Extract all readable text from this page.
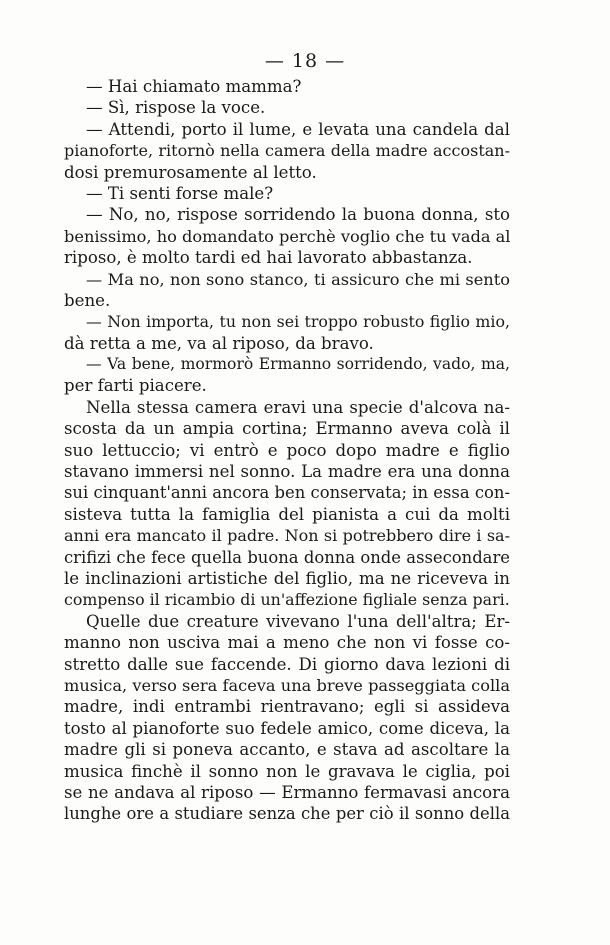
— 18 —
— Hai chiamato mamma?
— Sì, rispose la voce.
— Attendi, porto il lume, e levata una candela dal
pianoforte, ritornò nella camera della madre accostan-
dosi premurosamente al letto.
— Ti senti forse male?
— No, no, rispose sorridendo la buona donna, sto
benissimo, ho domandato perchè voglio che tu vada al
riposo, è molto tardi ed hai lavorato abbastanza.
— Ma no, non sono stanco, ti assicuro che mi sento
bene.
— Non importa, tu non sei troppo robusto figlio mio,
dà retta a me, va al riposo, da bravo.
— Va bene, mormorò Ermanno sorridendo, vado, ma,
per farti piacere.
Nella stessa camera eravi una specie d'alcova na-
scosta da un ampia cortina; Ermanno aveva colà il
suo lettuccio; vi entrò e poco dopo madre e figlio
stavano immersi nel sonno. La madre era una donna
sui cinquant'anni ancora ben conservata; in essa con-
sisteva tutta la famiglia del pianista a cui da molti
anni era mancato il padre. Non si potrebbero dire i sa-
crifizi che fece quella buona donna onde assecondare
le inclinazioni artistiche del figlio, ma ne riceveva in
compenso il ricambio di un'affezione figliale senza pari.
Quelle due creature vivevano l'una dell'altra; Er-
manno non usciva mai a meno che non vi fosse co-
stretto dalle sue faccende. Di giorno dava lezioni di
musica, verso sera faceva una breve passeggiata colla
madre, indi entrambi rientravano; egli si assideva
tosto al pianoforte suo fedele amico, come diceva, la
madre gli si poneva accanto, e stava ad ascoltare la
musica finchè il sonno non le gravava le ciglia, poi
se ne andava al riposo — Ermanno fermavasi ancora
lunghe ore a studiare senza che per ciò il sonno della
